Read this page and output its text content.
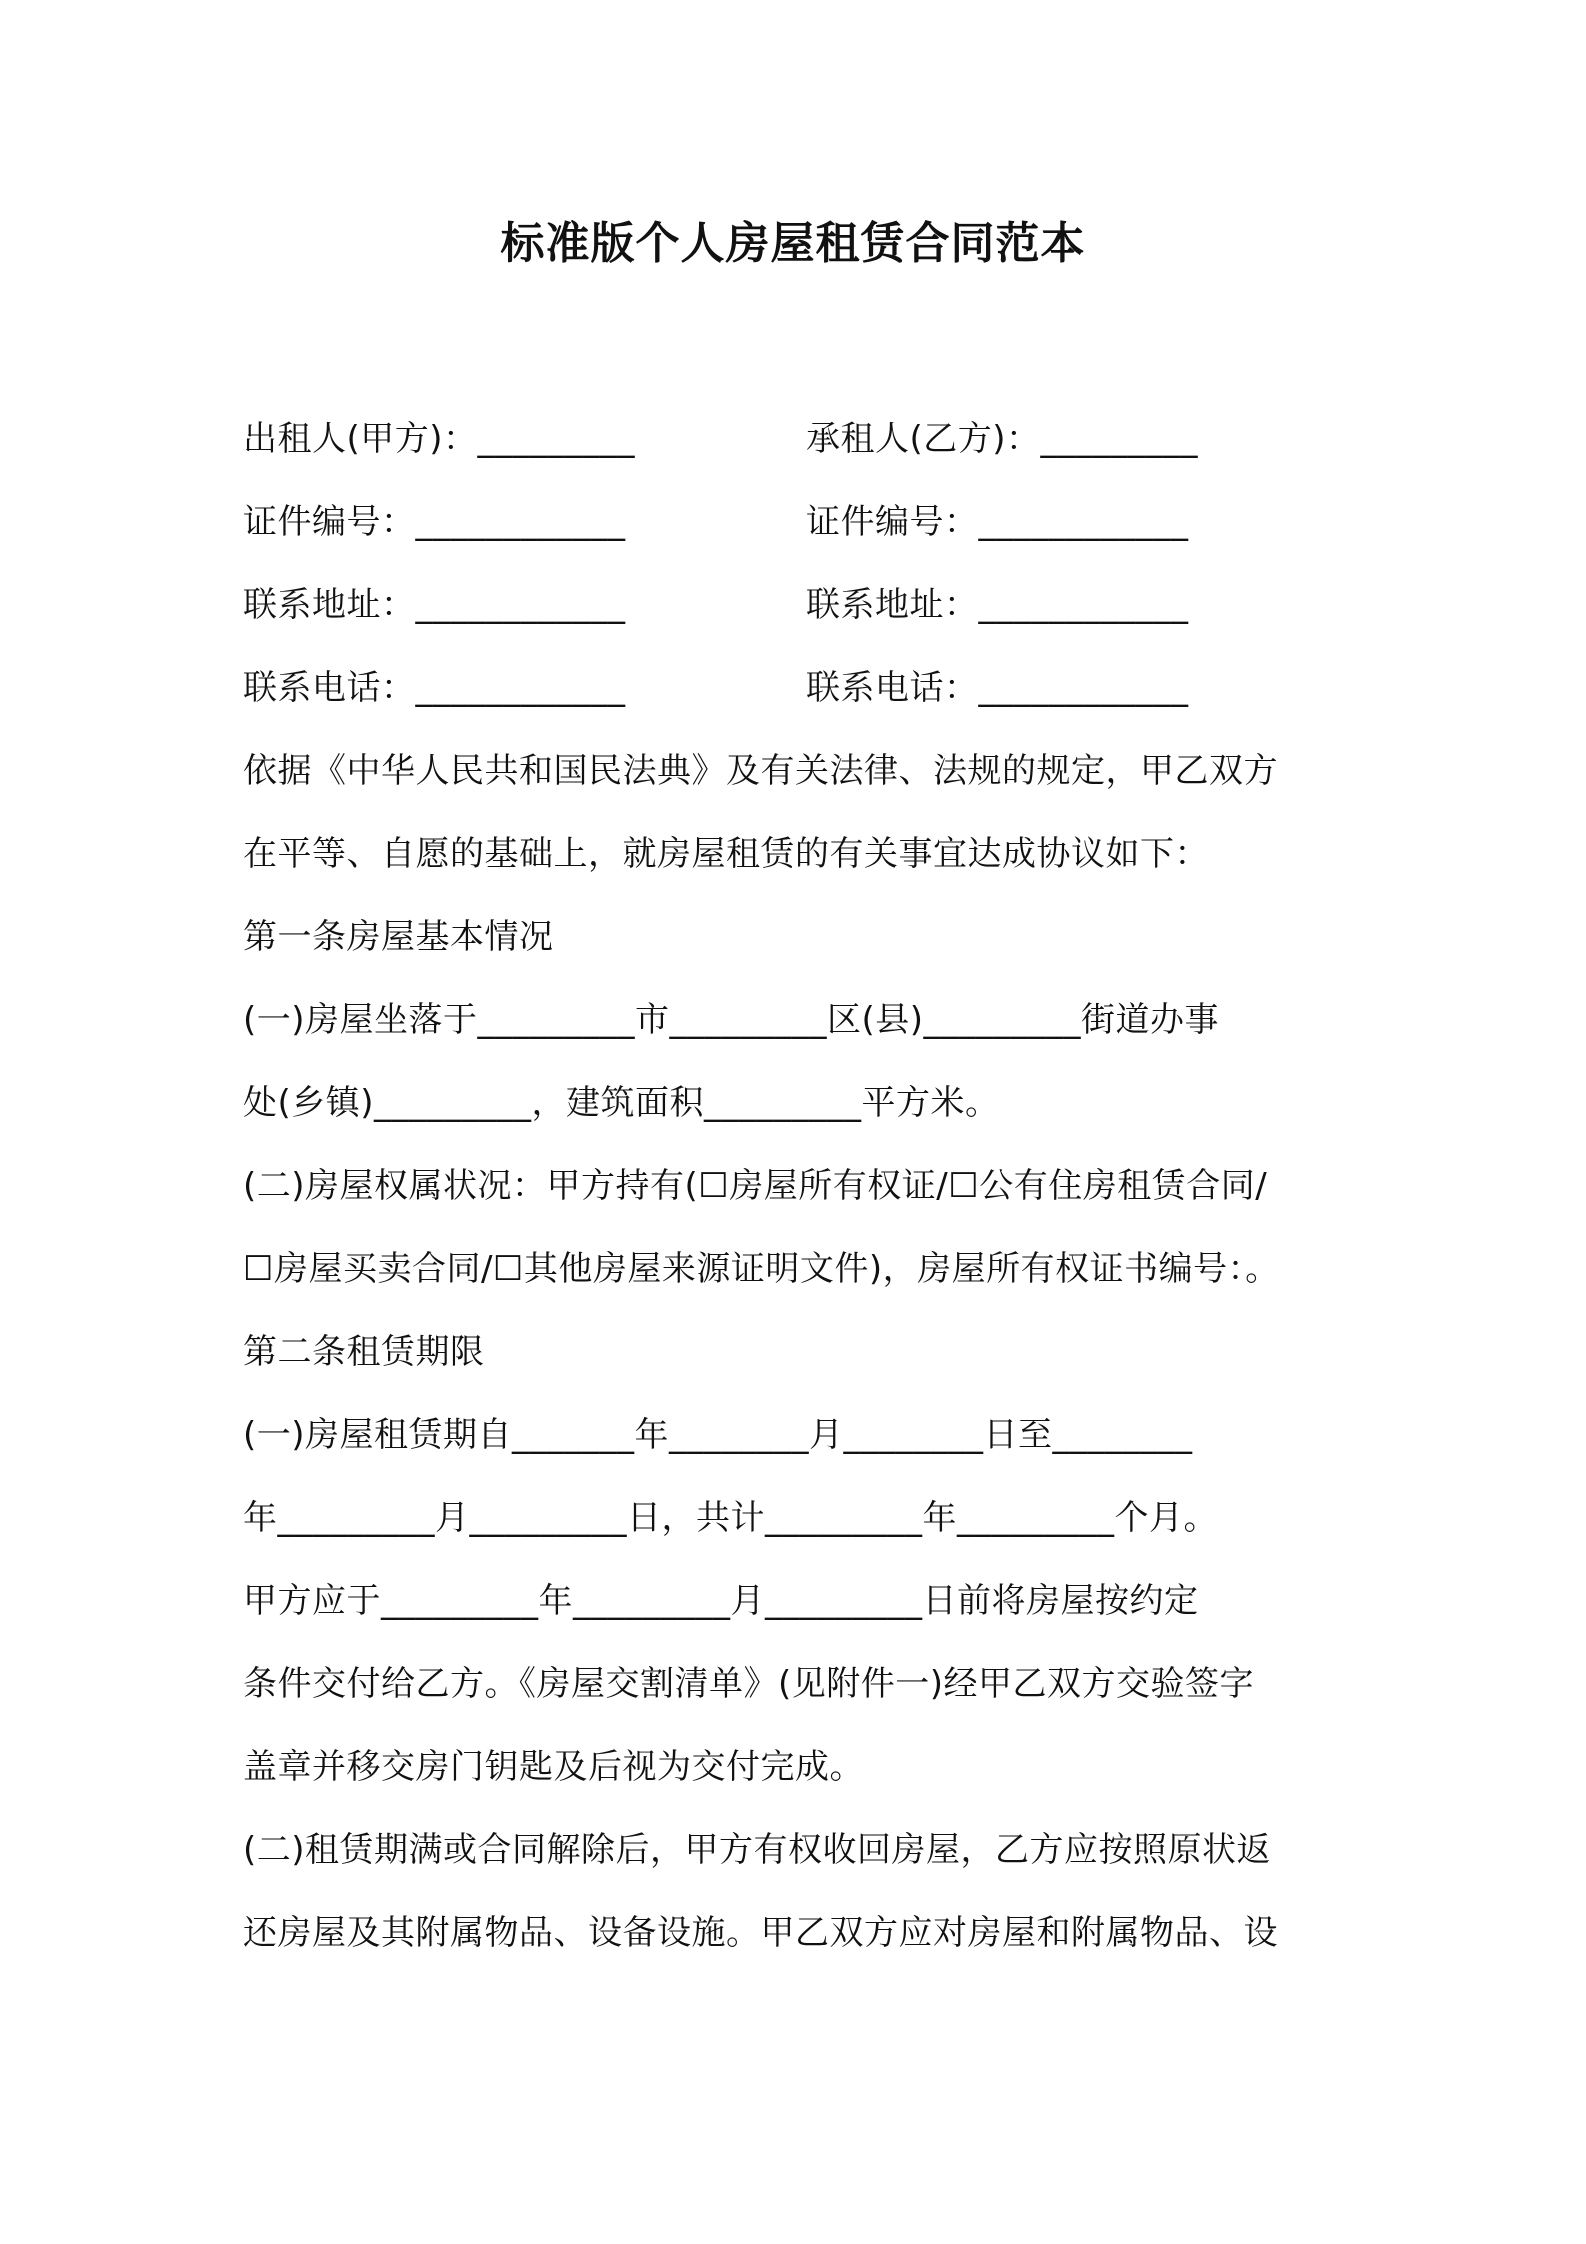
标准版个人房屋租赁合同范本
出租人(甲方)：_________	承租人(乙方)：_________
证件编号：____________	证件编号：____________
联系地址：____________	联系地址：____________
联系电话：____________	联系电话：____________
依据《中华人民共和国民法典》及有关法律、法规的规定，甲乙双方
在平等、自愿的基础上，就房屋租赁的有关事宜达成协议如下：
第一条房屋基本情况
(一)房屋坐落于_________市_________区(县)_________街道办事
处(乡镇)_________，建筑面积_________平方米。
(二)房屋权属状况：甲方持有(☐房屋所有权证/☐公有住房租赁合同/
☐房屋买卖合同/☐其他房屋来源证明文件)，房屋所有权证书编号：。
第二条租赁期限
(一)房屋租赁期自_______年________月________日至________
年_________月_________日，共计_________年_________个月。
甲方应于_________年_________月_________日前将房屋按约定
条件交付给乙方。《房屋交割清单》(见附件一)经甲乙双方交验签字
盖章并移交房门钥匙及后视为交付完成。
(二)租赁期满或合同解除后，甲方有权收回房屋，乙方应按照原状返
还房屋及其附属物品、设备设施。甲乙双方应对房屋和附属物品、设
